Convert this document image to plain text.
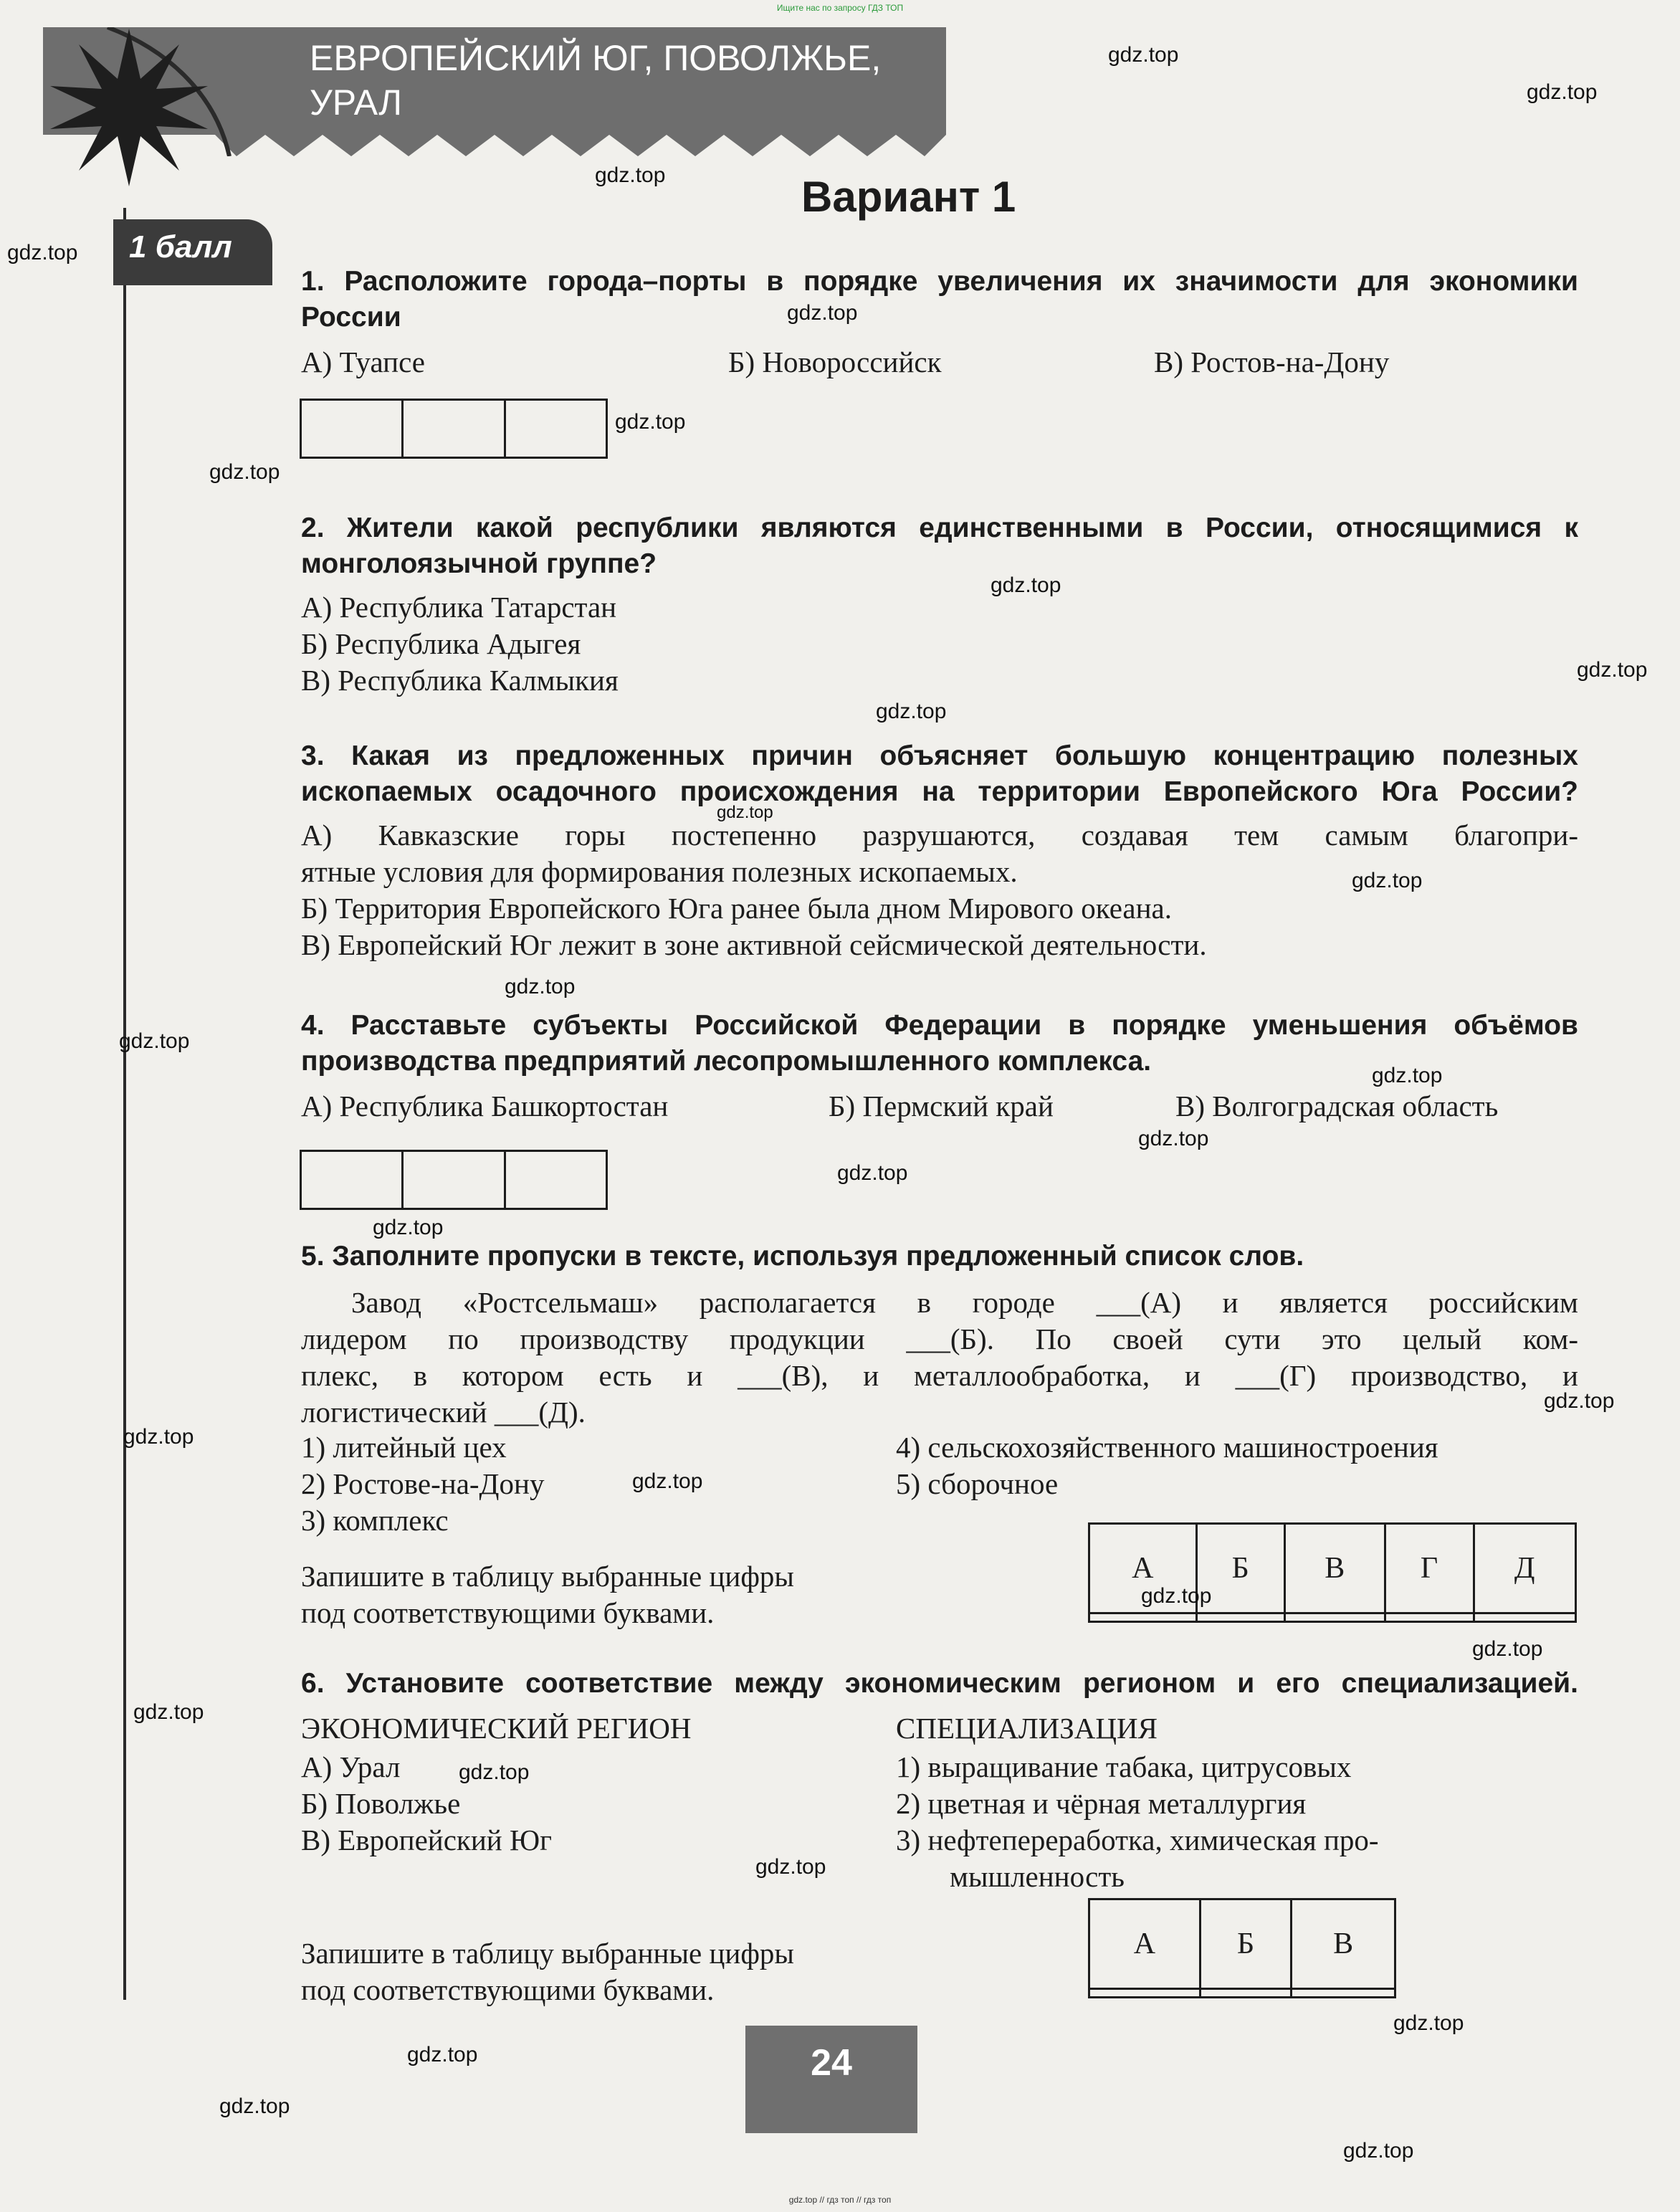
Ищите нас по запросу ГДЗ ТОП
gdz.top // гдз топ // гдз топ
ЕВРОПЕЙСКИЙ ЮГ, ПОВОЛЖЬЕ,
УРАЛ
Вариант 1
1 балл
1. Расположите города–порты в порядке увеличения их значимости для экономики
России
А) Туапсе	Б) Новороссийск	В) Ростов-на-Дону

2. Жители какой республики являются единственными в России, относящимися к
монголоязычной группе?
А) Республика Татарстан
Б) Республика Адыгея
В) Республика Калмыкия
3. Какая из предложенных причин объясняет большую концентрацию полезных
ископаемых осадочного происхождения на территории Европейского Юга России?
А) Кавказские горы постепенно разрушаются, создавая тем самым благопри-
ятные условия для формирования полезных ископаемых.
Б) Территория Европейского Юга ранее была дном Мирового океана.
В) Европейский Юг лежит в зоне активной сейсмической деятельности.
4. Расставьте субъекты Российской Федерации в порядке уменьшения объёмов
производства предприятий лесопромышленного комплекса.
А) Республика Башкортостан	Б) Пермский край	В) Волгоградская область

5. Заполните пропуски в тексте, используя предложенный список слов.
Завод «Ростсельмаш» располагается в городе ___(А) и является российским
лидером по производству продукции ___(Б). По своей сути это целый ком-
плекс, в котором есть и ___(В), и металлообработка, и ___(Г) производство, и
логистический ___(Д).
1) литейный цех
2) Ростове-на-Дону
3) комплекс
4) сельскохозяйственного машиностроения
5) сборочное
Запишите в таблицу выбранные цифры
под соответствующими буквами.
А	Б	В	Г	Д

6. Установите соответствие между экономическим регионом и его специализацией.
ЭКОНОМИЧЕСКИЙ РЕГИОН	СПЕЦИАЛИЗАЦИЯ
А) Урал
Б) Поволжье
В) Европейский Юг
1) выращивание табака, цитрусовых
2) цветная и чёрная металлургия
3) нефтепереработка, химическая про-
мышленность
Запишите в таблицу выбранные цифры
под соответствующими буквами.
А	Б	В

24
gdz.top
gdz.top
gdz.top
gdz.top
gdz.top
gdz.top
gdz.top
gdz.top
gdz.top
gdz.top
gdz.top
gdz.top
gdz.top
gdz.top
gdz.top
gdz.top
gdz.top
gdz.top
gdz.top
gdz.top
gdz.top
gdz.top
gdz.top
gdz.top
gdz.top
gdz.top
gdz.top
gdz.top
gdz.top
gdz.top
